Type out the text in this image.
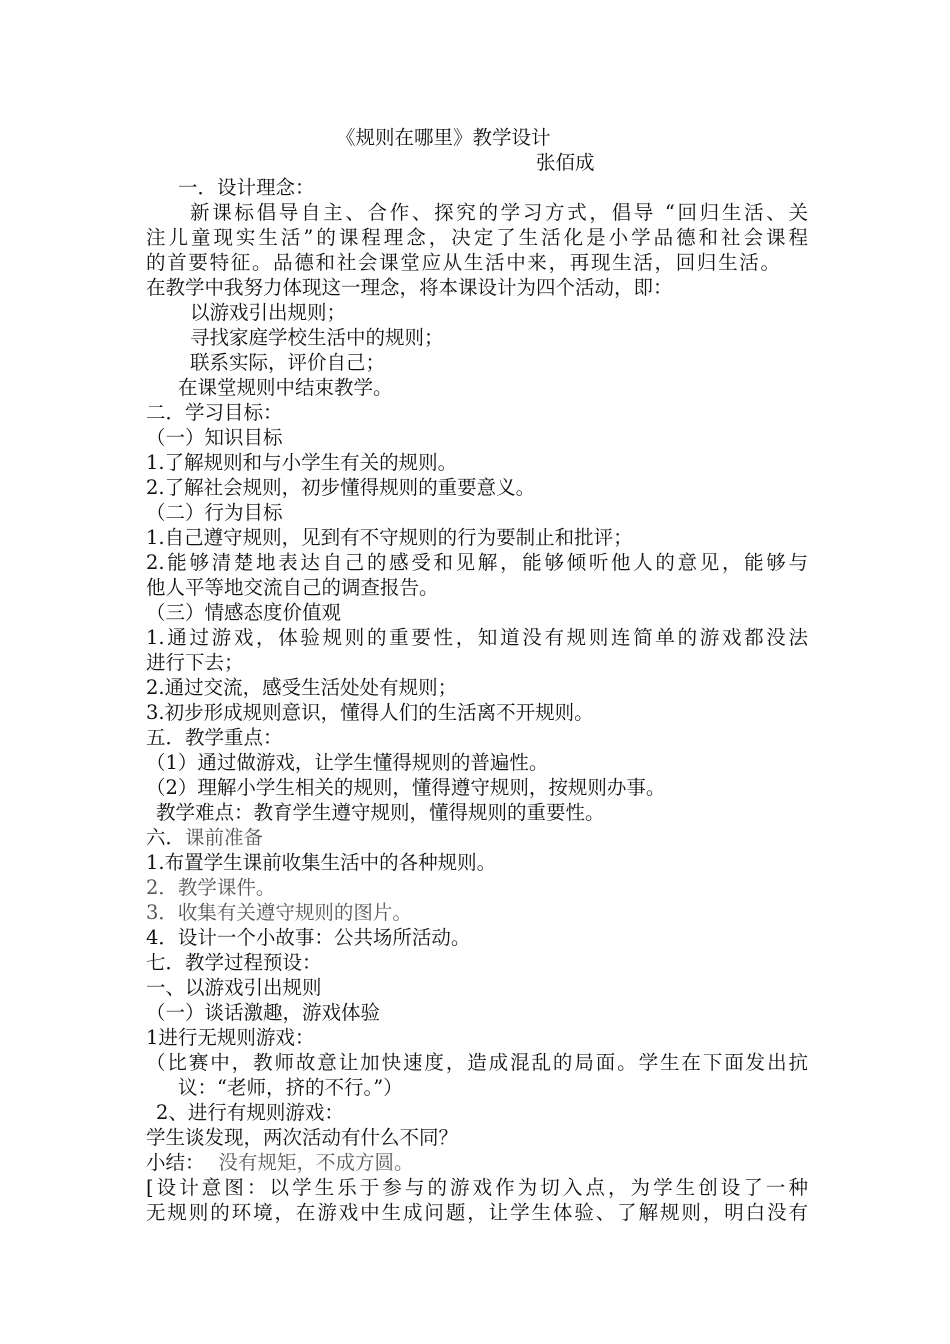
《规则在哪里》教学设计
张佰成
一．设计理念：
新课标倡导自主、合作、探究的学习方式，倡导 “回归生活、关
注儿童现实生活”的课程理念，决定了生活化是小学品德和社会课程
的首要特征。品德和社会课堂应从生活中来，再现生活，回归生活。
在教学中我努力体现这一理念，将本课设计为四个活动，即：
以游戏引出规则；
寻找家庭学校生活中的规则；
联系实际，评价自己；
在课堂规则中结束教学。
二．学习目标：
（一）知识目标
1.了解规则和与小学生有关的规则。
2.了解社会规则，初步懂得规则的重要意义。
（二）行为目标
1.自己遵守规则，见到有不守规则的行为要制止和批评；
2.能够清楚地表达自己的感受和见解，能够倾听他人的意见，能够与
他人平等地交流自己的调查报告。
（三）情感态度价值观
1.通过游戏，体验规则的重要性，知道没有规则连简单的游戏都没法
进行下去；
2.通过交流，感受生活处处有规则；
3.初步形成规则意识，懂得人们的生活离不开规则。
五．教学重点：
（1）通过做游戏，让学生懂得规则的普遍性。
（2）理解小学生相关的规则，懂得遵守规则，按规则办事。
教学难点：教育学生遵守规则，懂得规则的重要性。
六．课前准备
1.布置学生课前收集生活中的各种规则。
2．教学课件。
3．收集有关遵守规则的图片。
4．设计一个小故事：公共场所活动。
七．教学过程预设：
一、以游戏引出规则
（一）谈话激趣，游戏体验
1进行无规则游戏：
（比赛中，教师故意让加快速度，造成混乱的局面。学生在下面发出抗
议：“老师，挤的不行。”）
2、进行有规则游戏：
学生谈发现，两次活动有什么不同？
小结： 没有规矩，不成方圆。
[设计意图：以学生乐于参与的游戏作为切入点，为学生创设了一种
无规则的环境，在游戏中生成问题，让学生体验、了解规则，明白没有
